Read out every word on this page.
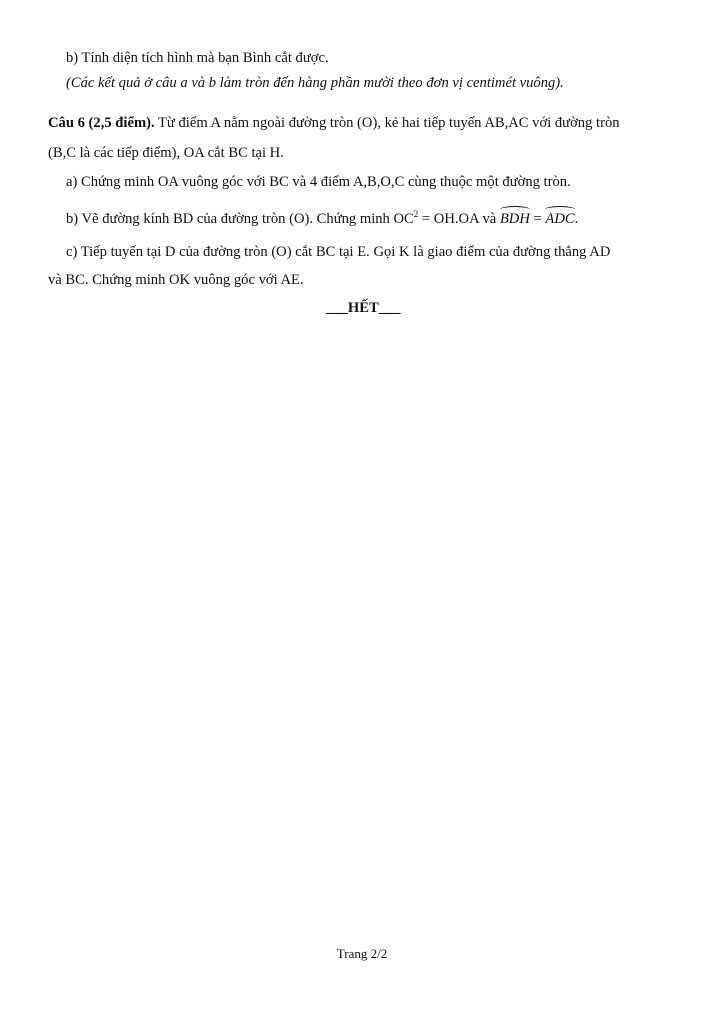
b) Tính diện tích hình mà bạn Bình cắt được.
(Các kết quả ở câu a và b làm tròn đến hàng phần mười theo đơn vị centimét vuông).
Câu 6 (2,5 điểm). Từ điểm A nằm ngoài đường tròn (O), kẻ hai tiếp tuyến AB,AC với đường tròn
(B,C là các tiếp điểm), OA cắt BC tại H.
a) Chứng minh OA vuông góc với BC và 4 điểm A,B,O,C cùng thuộc một đường tròn.
b) Vẽ đường kính BD của đường tròn (O). Chứng minh $OC^2 = OH.OA$ và BDH = ADC.
c) Tiếp tuyến tại D của đường tròn (O) cắt BC tại E. Gọi K là giao điểm của đường thẳng AD
và BC. Chứng minh OK vuông góc với AE.
___HẾT___
Trang 2/2
